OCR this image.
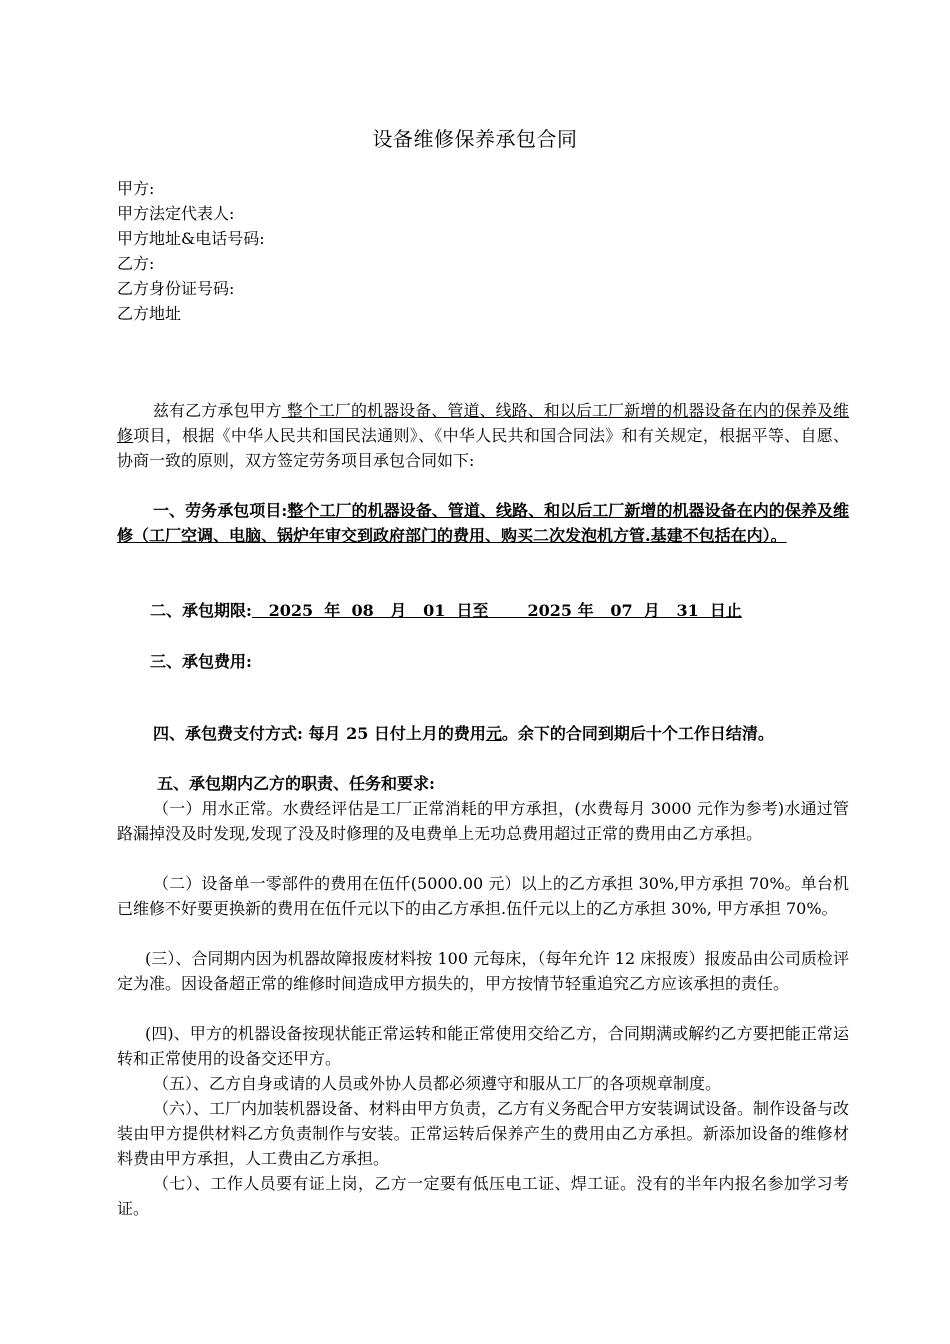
设备维修保养承包合同
甲方:
甲方法定代表人:
甲方地址&电话号码:
乙方:
乙方身份证号码:
乙方地址
兹有乙方承包甲方 整个工厂的机器设备、管道、线路、和以后工厂新增的机器设备在内的保养及维修项目，根据《中华人民共和国民法通则》、《中华人民共和国合同法》和有关规定，根据平等、自愿、协商一致的原则，双方签定劳务项目承包合同如下:
一、劳务承包项目:整个工厂的机器设备、管道、线路、和以后工厂新增的机器设备在内的保养及维修（工厂空调、电脑、锅炉年审交到政府部门的费用、购买二次发泡机方管.基建不包括在内）。
二、承包期限:   2025  年  08   月   01  日至       2025 年   07  月   31  日止
三、承包费用:
四、承包费支付方式: 每月 25 日付上月的费用元。余下的合同到期后十个工作日结清。
五、承包期内乙方的职责、任务和要求:
（一）用水正常。水费经评估是工厂正常消耗的甲方承担，(水费每月 3000 元作为参考)水通过管路漏掉没及时发现,发现了没及时修理的及电费单上无功总费用超过正常的费用由乙方承担。
（二）设备单一零部件的费用在伍仟(5000.00 元）以上的乙方承担 30%,甲方承担 70%。单台机已维修不好要更换新的费用在伍仟元以下的由乙方承担.伍仟元以上的乙方承担 30%, 甲方承担 70%。
(三）、合同期内因为机器故障报废材料按 100 元每床，（每年允许 12 床报废）报废品由公司质检评定为准。因设备超正常的维修时间造成甲方损失的，甲方按情节轻重追究乙方应该承担的责任。
(四)、甲方的机器设备按现状能正常运转和能正常使用交给乙方，合同期满或解约乙方要把能正常运转和正常使用的设备交还甲方。
（五）、乙方自身或请的人员或外协人员都必须遵守和服从工厂的各项规章制度。
（六）、工厂内加装机器设备、材料由甲方负责，乙方有义务配合甲方安装调试设备。制作设备与改装由甲方提供材料乙方负责制作与安装。正常运转后保养产生的费用由乙方承担。新添加设备的维修材料费由甲方承担，人工费由乙方承担。
（七）、工作人员要有证上岗，乙方一定要有低压电工证、焊工证。没有的半年内报名参加学习考证。
